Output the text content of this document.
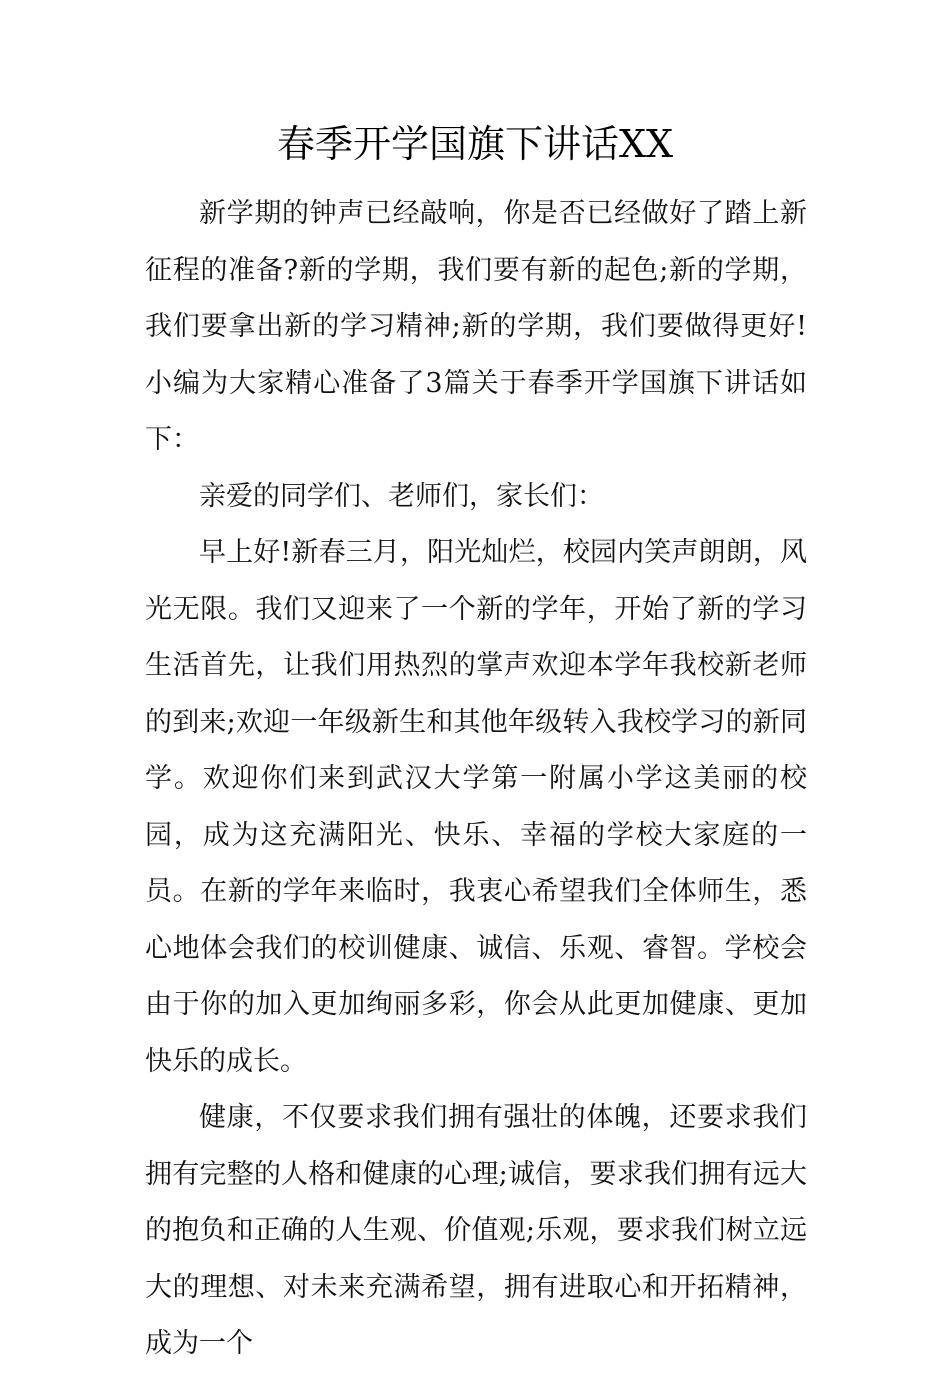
春季开学国旗下讲话XX

新学期的钟声已经敲响，你是否已经做好了踏上新征程的准备?新的学期，我们要有新的起色;新的学期，我们要拿出新的学习精神;新的学期，我们要做得更好!小编为大家精心准备了3篇关于春季开学国旗下讲话如下：

亲爱的同学们、老师们，家长们：

早上好!新春三月，阳光灿烂，校园内笑声朗朗，风光无限。我们又迎来了一个新的学年，开始了新的学习生活首先，让我们用热烈的掌声欢迎本学年我校新老师的到来;欢迎一年级新生和其他年级转入我校学习的新同学。欢迎你们来到武汉大学第一附属小学这美丽的校园，成为这充满阳光、快乐、幸福的学校大家庭的一员。在新的学年来临时，我衷心希望我们全体师生，悉心地体会我们的校训健康、诚信、乐观、睿智。学校会由于你的加入更加绚丽多彩，你会从此更加健康、更加快乐的成长。

健康，不仅要求我们拥有强壮的体魄，还要求我们拥有完整的人格和健康的心理;诚信，要求我们拥有远大的抱负和正确的人生观、价值观;乐观，要求我们树立远大的理想、对未来充满希望，拥有进取心和开拓精神，成为一个
